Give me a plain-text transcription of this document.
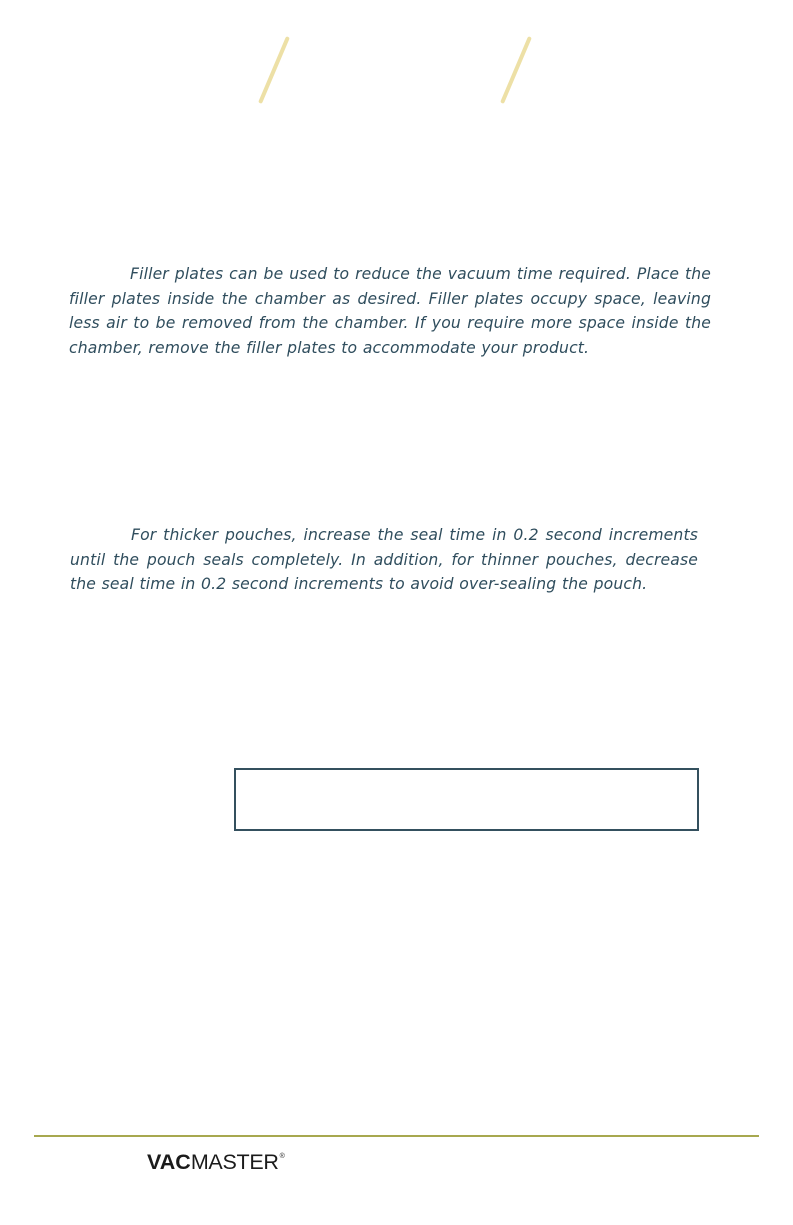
Filler plates can be used to reduce the vacuum time required. Place the filler plates inside the chamber as desired. Filler plates occupy space, leaving less air to be removed from the chamber. If you require more space inside the chamber, remove the filler plates to accommodate your product.

For thicker pouches, increase the seal time in 0.2 second increments until the pouch seals completely. In addition, for thinner pouches, decrease the seal time in 0.2 second increments to avoid over-sealing the pouch.

VAC MASTER ®
